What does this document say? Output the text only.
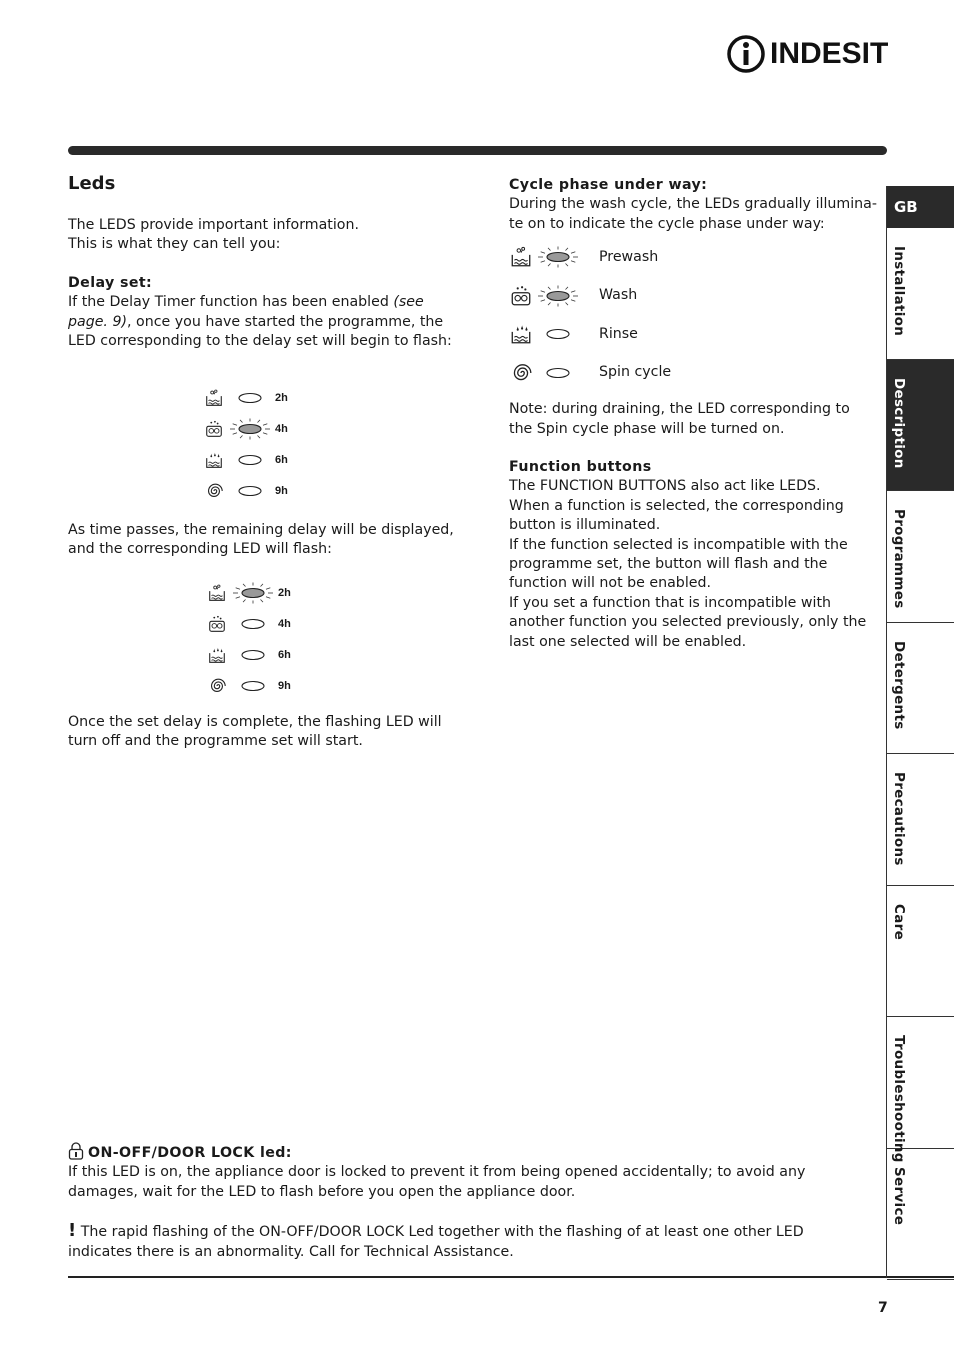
INDESIT
Leds

The LEDS provide important information.

This is what they can tell you:

Delay set:

If the Delay Timer function has been enabled (see page. 9), once you have started the programme, the LED corresponding to the delay set will begin to flash:

2h
4h
6h
9h

As time passes, the remaining delay will be displayed, and the corresponding LED will flash:

2h
4h
6h
9h

Once the set delay is complete, the flashing LED will turn off and the programme set will start.

Cycle phase under way:

During the wash cycle, the LEDs gradually illumina- te on to indicate the cycle phase under way:

Prewash
Wash
Rinse
Spin cycle

Note: during draining, the LED corresponding to the Spin cycle phase will be turned on.

Function buttons

The FUNCTION BUTTONS also act like LEDS.

When a function is selected, the corresponding button is illuminated.

If the function selected is incompatible with the programme set, the button will flash and the function will not be enabled.

If you set a function that is incompatible with another function you selected previously, only the last one selected will be enabled.

ON-OFF/DOOR LOCK led:

If this LED is on, the appliance door is locked to prevent it from being opened accidentally; to avoid any damages, wait for the LED to flash before you open the appliance door.

! The rapid flashing of the ON-OFF/DOOR LOCK Led together with the flashing of at least one other LED indicates there is an abnormality. Call for Technical Assistance.

7
GB
Installation
Description
Programmes
Detergents
Precautions
Care
Troubleshooting
Service
